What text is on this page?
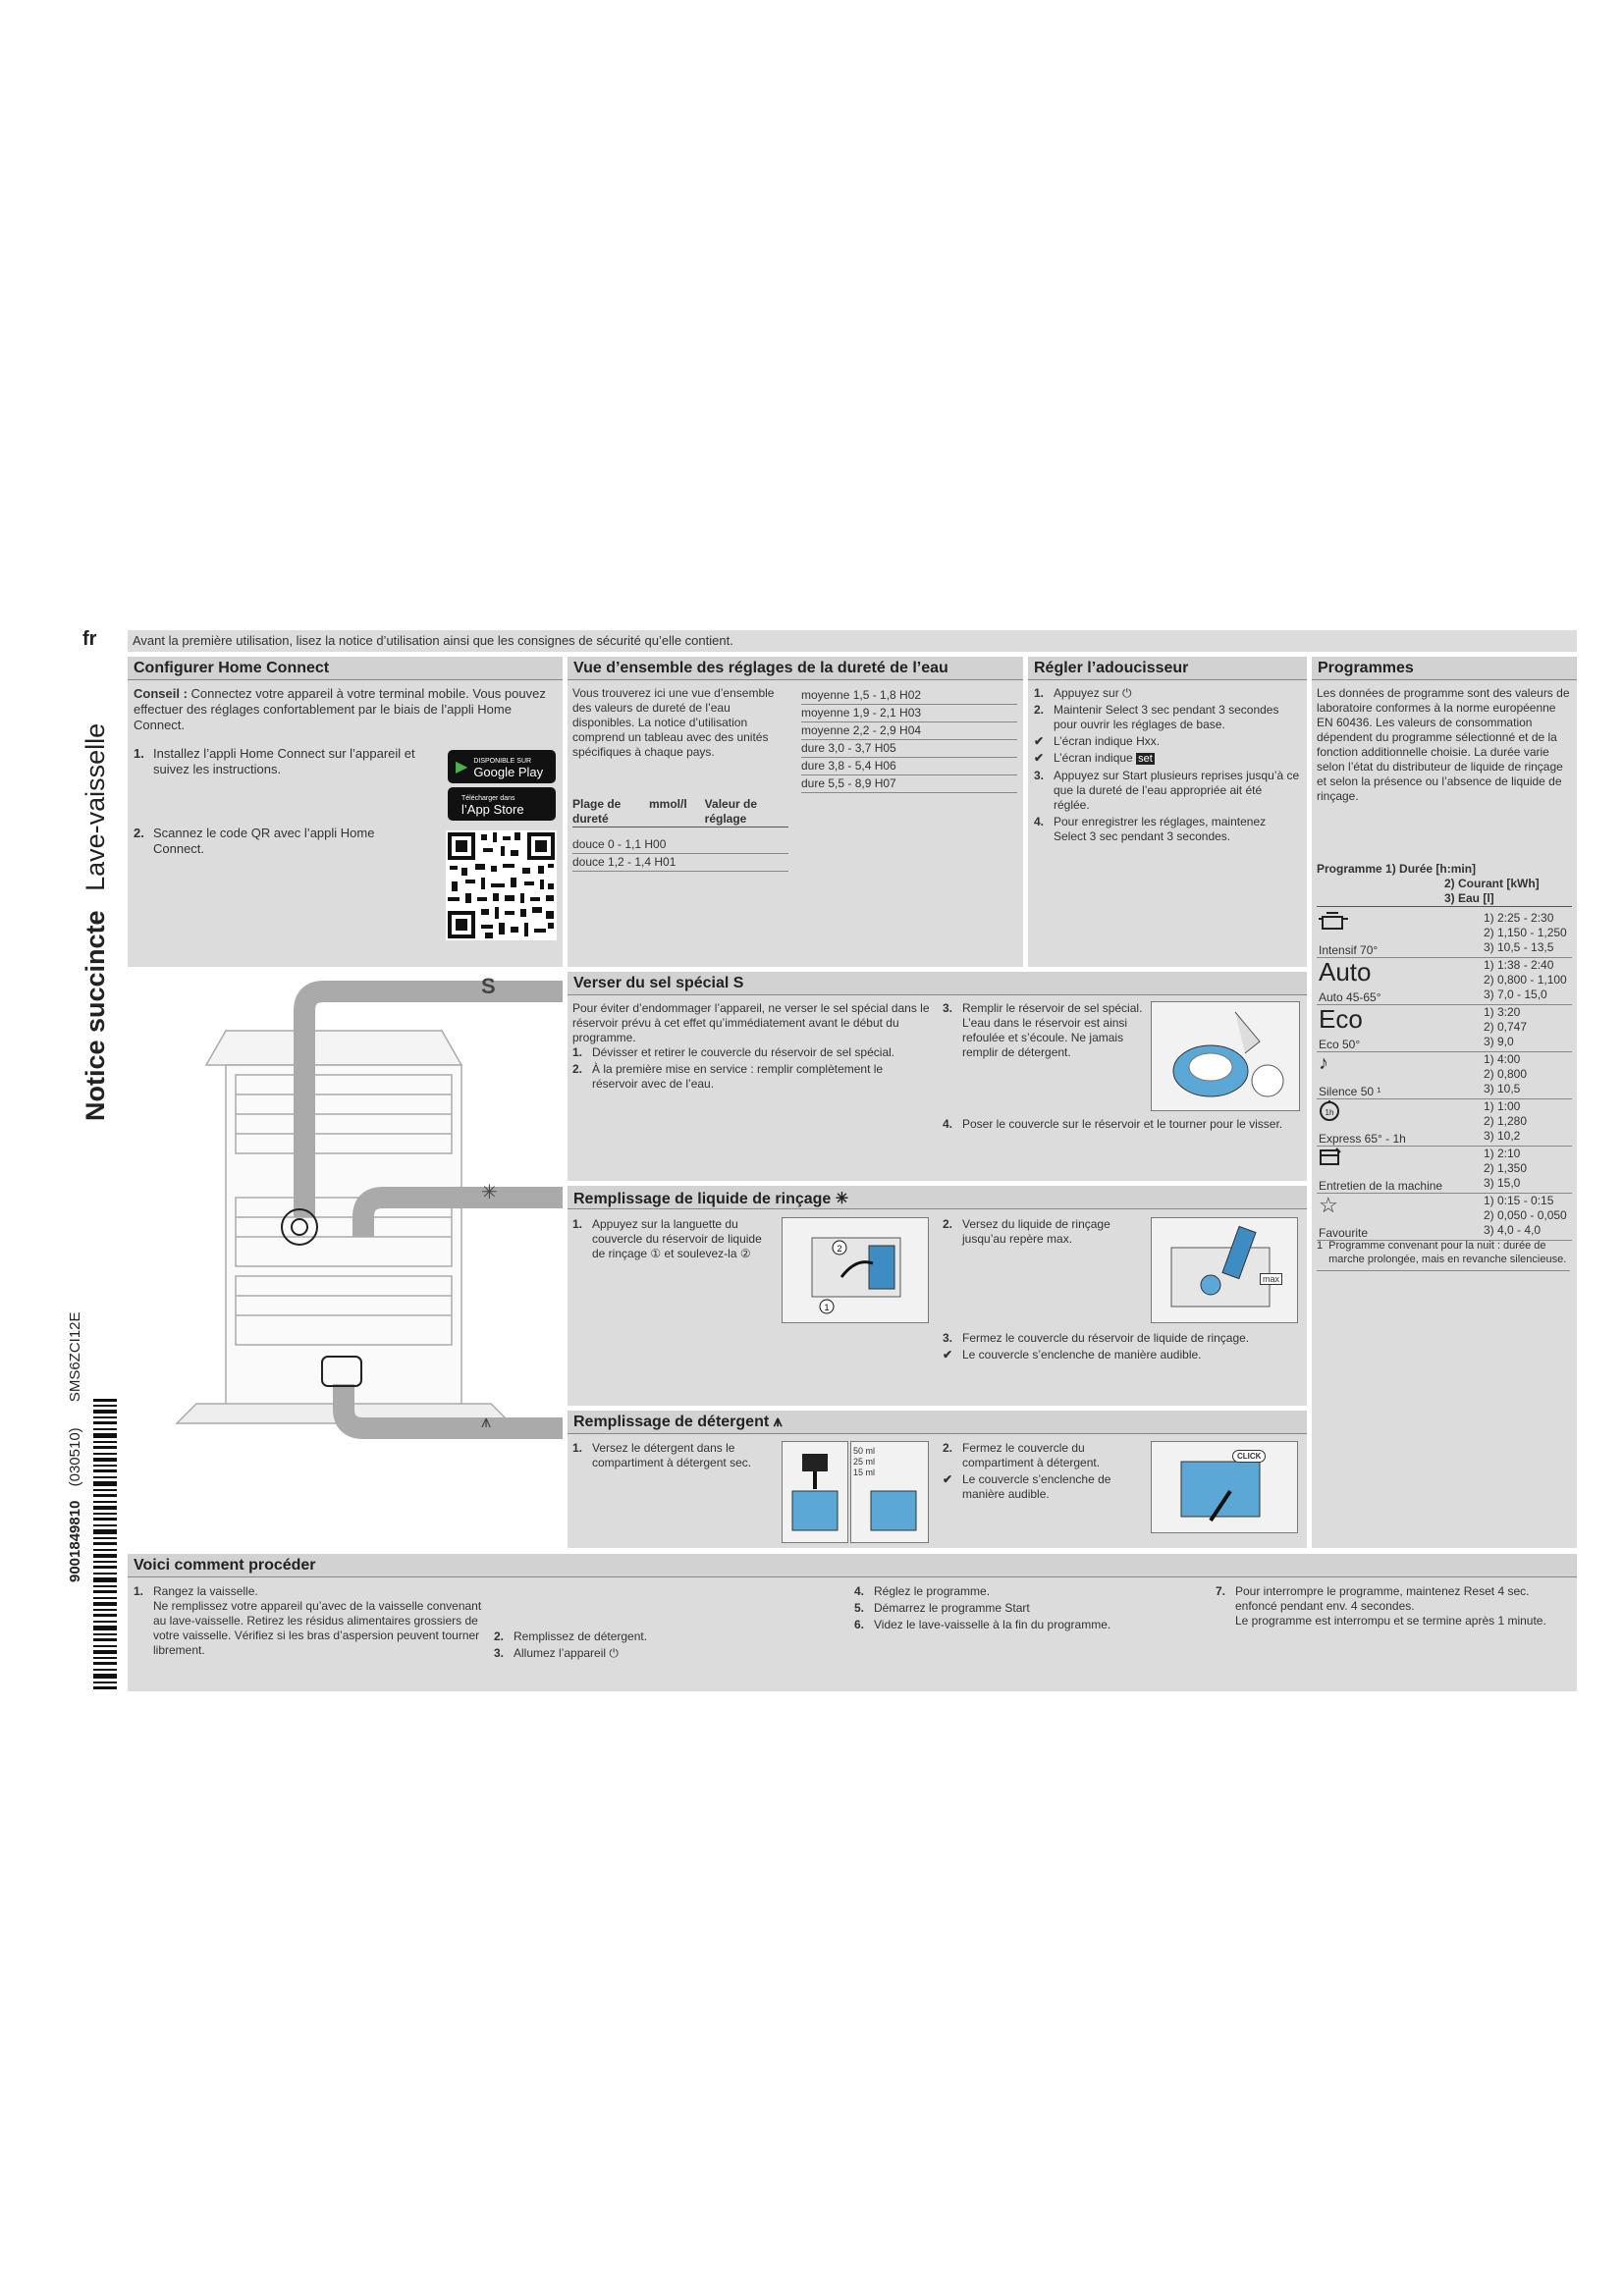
fr
Notice succincte Lave-vaisselle
9001849810 (030510) SMS6ZCI12E
Avant la première utilisation, lisez la notice d’utilisation ainsi que les consignes de sécurité qu’elle contient.
Configurer Home Connect
Conseil : Connectez votre appareil à votre terminal mobile. Vous pouvez effectuer des réglages confortablement par le biais de l’appli Home Connect.
1. Installez l’appli Home Connect sur l’appareil et suivez les instructions.
2. Scannez le code QR avec l’appli Home Connect.
▶ DISPONIBLE SUR
Google Play
Télécharger dans
l’App Store
Vue d’ensemble des réglages de la dureté de l’eau
Vous trouverez ici une vue d’ensemble des valeurs de dureté de l’eau disponibles. La notice d’utilisation comprend un tableau avec des unités spécifiques à chaque pays.
Plage de dureté
mmol/l Valeur de réglage
douce 0 - 1,1 H00
douce 1,2 - 1,4 H01
moyenne 1,5 - 1,8 H02
moyenne 1,9 - 2,1 H03
moyenne 2,2 - 2,9 H04
dure 3,0 - 3,7 H05
dure 3,8 - 5,4 H06
dure 5,5 - 8,9 H07
Régler l’adoucisseur
1. Appuyez sur ⏻
2. Maintenir Select 3 sec pendant 3 secondes pour ouvrir les réglages de base.
✔ L’écran indique Hxx.
✔ L’écran indique set
3. Appuyez sur Start plusieurs reprises jusqu’à ce que la dureté de l’eau appropriée ait été réglée.
4. Pour enregistrer les réglages, maintenez Select 3 sec pendant 3 secondes.
Programmes
Les données de programme sont des valeurs de laboratoire conformes à la norme européenne EN 60436. Les valeurs de consommation dépendent du programme sélectionné et de la fonction additionnelle choisie. La durée varie selon l’état du distributeur de liquide de rinçage et selon la présence ou l’absence de liquide de rinçage.
Programme 1) Durée [h:min]
2) Courant [kWh]
3) Eau [l]
Intensif 70°
1) 2:25 - 2:30
2) 1,150 - 1,250
3) 10,5 - 13,5
Auto
Auto 45-65°
1) 1:38 - 2:40
2) 0,800 - 1,100
3) 7,0 - 15,0
Eco
Eco 50°
1) 3:20
2) 0,747
3) 9,0
♪
Silence 50 ¹
1) 4:00
2) 0,800
3) 10,5
1h
Express 65° - 1h
1) 1:00
2) 1,280
3) 10,2
Entretien de la machine
1) 2:10
2) 1,350
3) 15,0
☆
Favourite
1) 0:15 - 0:15
2) 0,050 - 0,050
3) 4,0 - 4,0
1 Programme convenant pour la nuit : durée de marche prolongée, mais en revanche silencieuse.
S
✳
⩚
Verser du sel spécial S
Pour éviter d’endommager l’appareil, ne verser le sel spécial dans le réservoir prévu à cet effet qu’immédiatement avant le début du programme.
1. Dévisser et retirer le couvercle du réservoir de sel spécial.
2. À la première mise en service : remplir complètement le réservoir avec de l’eau.
3. Remplir le réservoir de sel spécial. L’eau dans le réservoir est ainsi refoulée et s’écoule. Ne jamais remplir de détergent.
4. Poser le couvercle sur le réservoir et le tourner pour le visser.
Remplissage de liquide de rinçage ✳
1. Appuyez sur la languette du couvercle du réservoir de liquide de rinçage ① et soulevez-la ②	2
1
2. Versez du liquide de rinçage jusqu’au repère max.
max
3. Fermez le couvercle du réservoir de liquide de rinçage.
✔ Le couvercle s’enclenche de manière audible.
Remplissage de détergent ⩚
1. Versez le détergent dans le compartiment à détergent sec.
50 ml
25 ml
15 ml
2. Fermez le couvercle du compartiment à détergent.
✔ Le couvercle s’enclenche de manière audible.
CLICK
Voici comment procéder
1. Rangez la vaisselle.
Ne remplissez votre appareil qu’avec de la vaisselle convenant au lave-vaisselle. Retirez les résidus alimentaires grossiers de votre vaisselle. Vérifiez si les bras d’aspersion peuvent tourner librement.
2. Remplissez de détergent.
3. Allumez l’appareil ⏻
4. Réglez le programme.
5. Démarrez le programme Start
6. Videz le lave-vaisselle à la fin du programme.
7. Pour interrompre le programme, maintenez Reset 4 sec. enfoncé pendant env. 4 secondes.
Le programme est interrompu et se termine après 1 minute.
